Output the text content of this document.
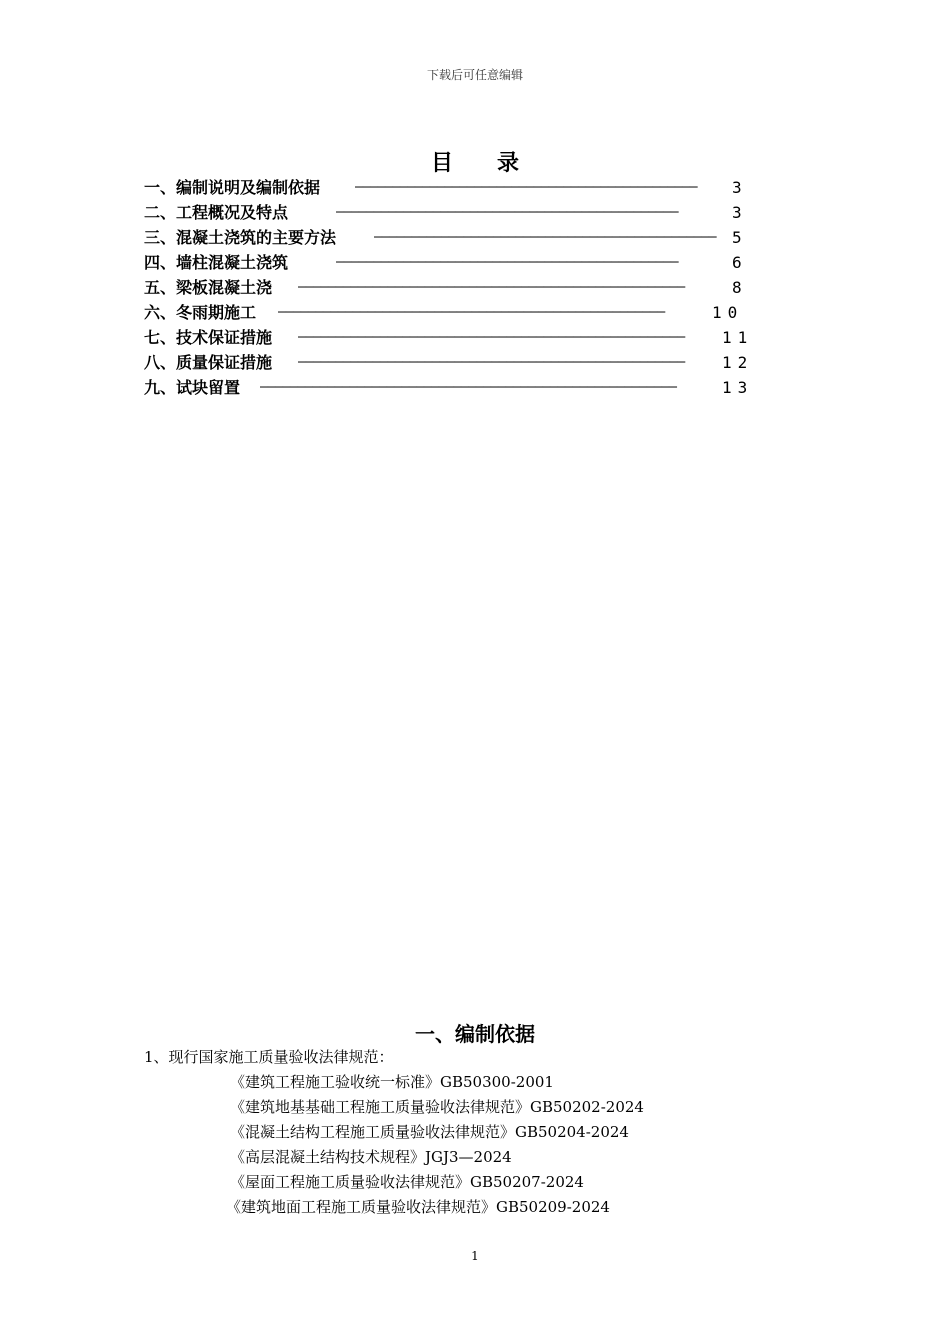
下载后可任意编辑
目录
一、编制说明及编制依据 ――――――――――――――――――――――――――――――――――――――――――――――	3
二、工程概况及特点	――――――――――――――――――――――――――――――――――――――――――――――	3
三、混凝土浇筑的主要方法	――――――――――――――――――――――――――――――――――――――――――――――	5
四、墙柱混凝土浇筑	――――――――――――――――――――――――――――――――――――――――――――――	6
五、梁板混凝土浇 ――――――――――――――――――――――――――――――――――――――――――――――――――――	8
六、冬雨期施工 ――――――――――――――――――――――――――――――――――――――――――――――――――――	10
七、技术保证措施 ――――――――――――――――――――――――――――――――――――――――――――――――――――	11
八、质量保证措施 ――――――――――――――――――――――――――――――――――――――――――――――――――――	12
九、试块留置 ――――――――――――――――――――――――――――――――――――――――――――――――――――――――	13
一、编制依据
1、现行国家施工质量验收法律规范：
《建筑工程施工验收统一标准》GB50300-2001
《建筑地基基础工程施工质量验收法律规范》GB50202-2024
《混凝土结构工程施工质量验收法律规范》GB50204-2024
《高层混凝土结构技术规程》JGJ3—2024
《屋面工程施工质量验收法律规范》GB50207-2024
《建筑地面工程施工质量验收法律规范》GB50209-2024
1
